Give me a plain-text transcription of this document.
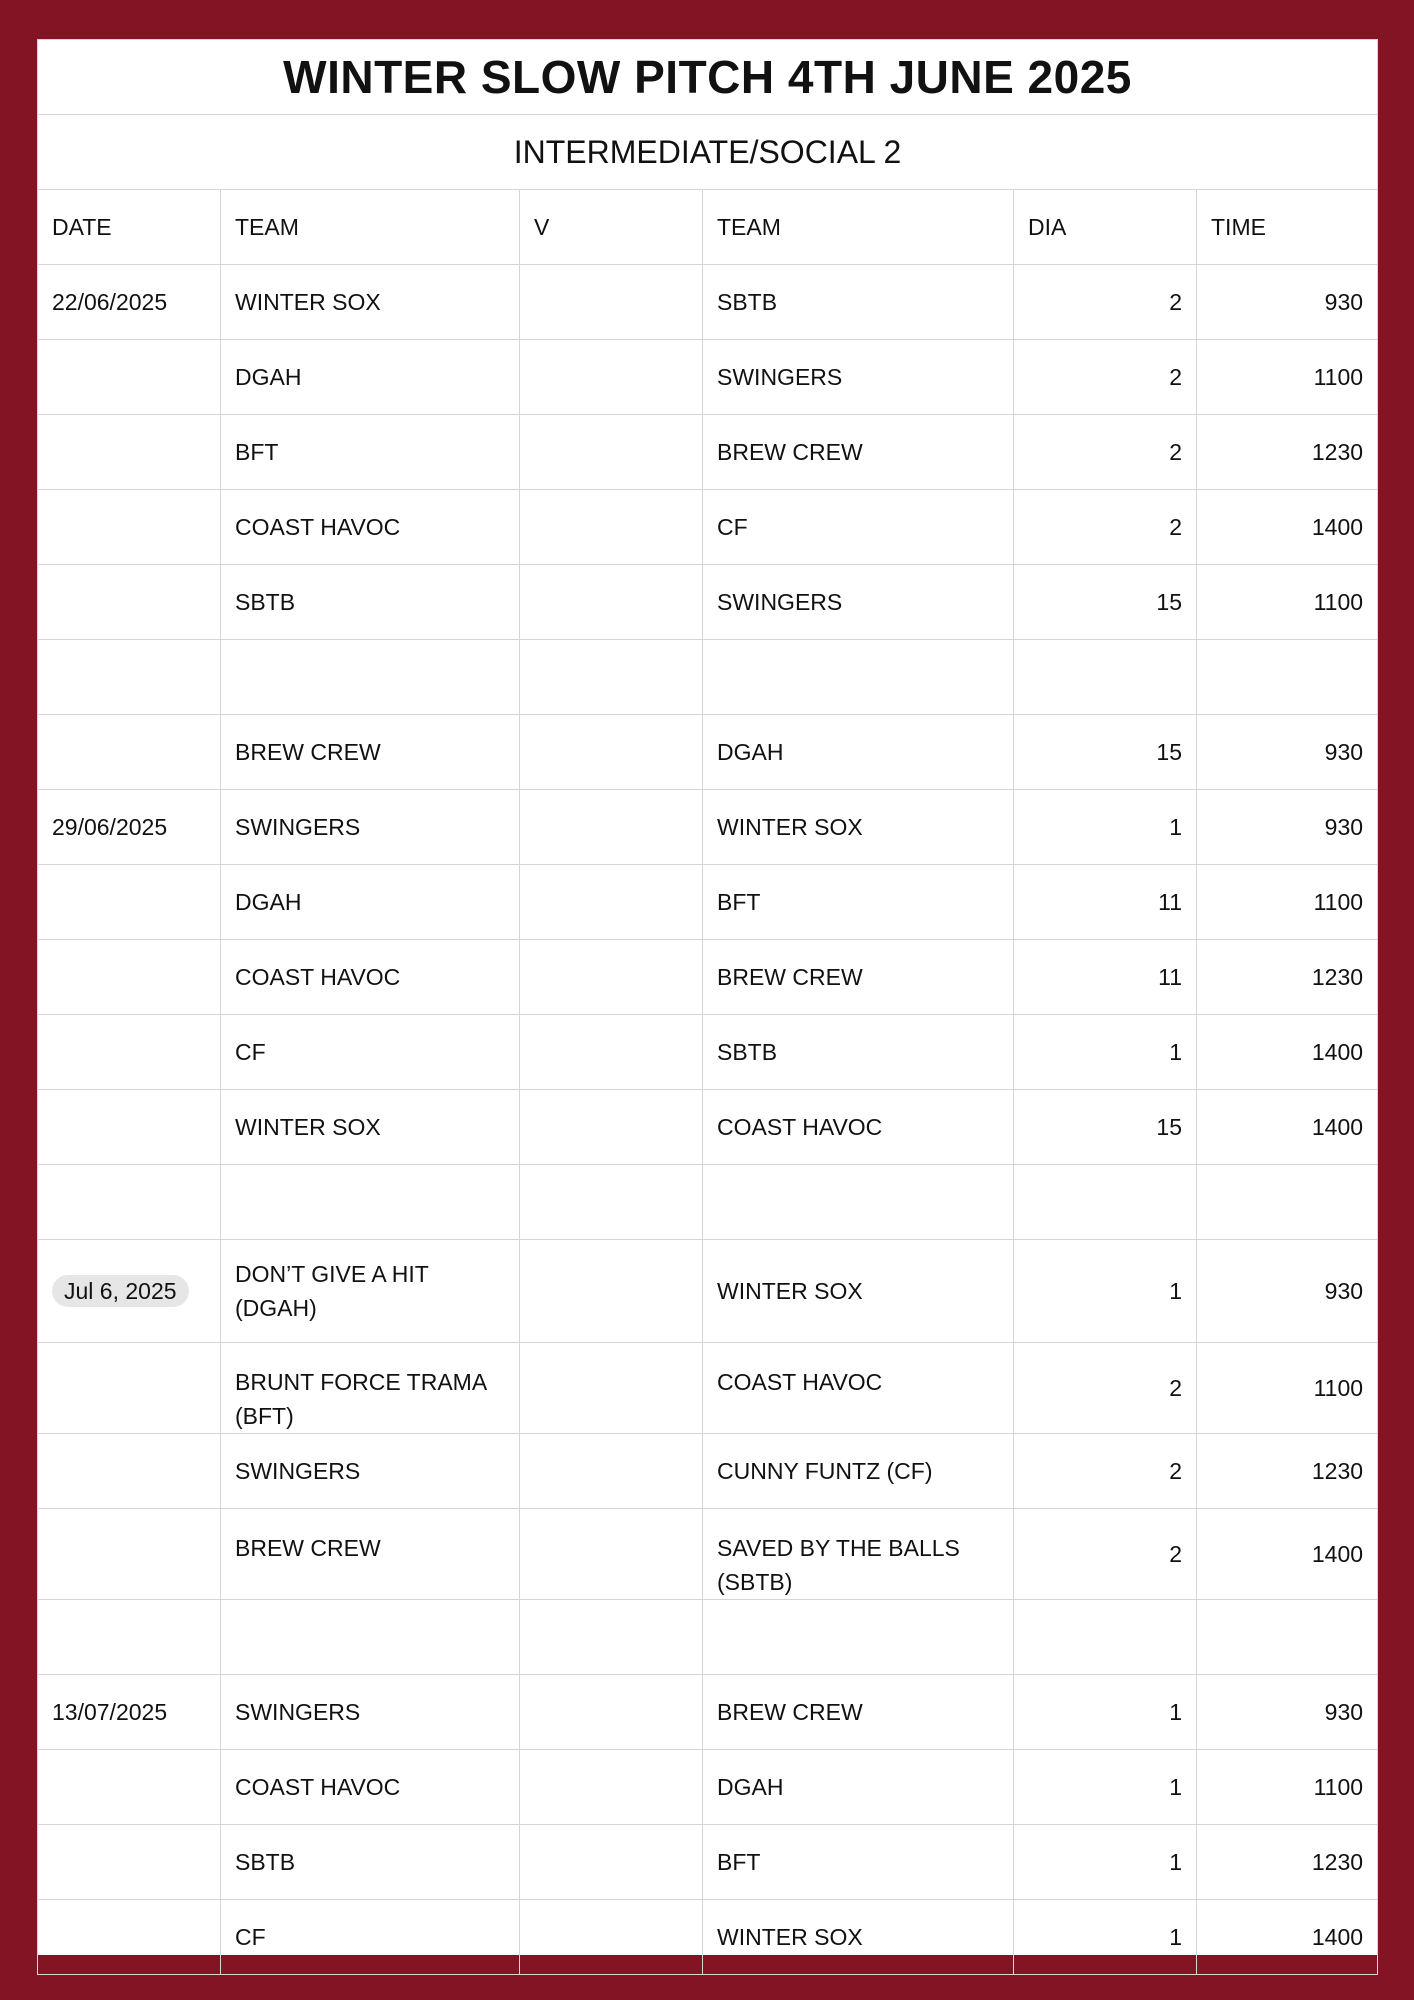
WINTER SLOW PITCH 4TH JUNE 2025					
INTERMEDIATE/SOCIAL 2					
DATE	TEAM	V	TEAM	DIA	TIME
22/06/2025	WINTER SOX		SBTB	2	930
	DGAH		SWINGERS	2	1100
	BFT		BREW CREW	2	1230
	COAST HAVOC		CF	2	1400
	SBTB		SWINGERS	15	1100

	BREW CREW		DGAH	15	930
29/06/2025	SWINGERS		WINTER SOX	1	930
	DGAH		BFT	11	1100
	COAST HAVOC		BREW CREW	11	1230
	CF		SBTB	1	1400
	WINTER SOX		COAST HAVOC	15	1400

Jul 6, 2025	DON’T GIVE A HIT (DGAH)		WINTER SOX	1	930
	BRUNT FORCE TRAMA (BFT)		COAST HAVOC	2	1100
	SWINGERS		CUNNY FUNTZ (CF)	2	1230
	BREW CREW		SAVED BY THE BALLS (SBTB)	2	1400

13/07/2025	SWINGERS		BREW CREW	1	930
	COAST HAVOC		DGAH	1	1100
	SBTB		BFT	1	1230
	CF		WINTER SOX	1	1400
